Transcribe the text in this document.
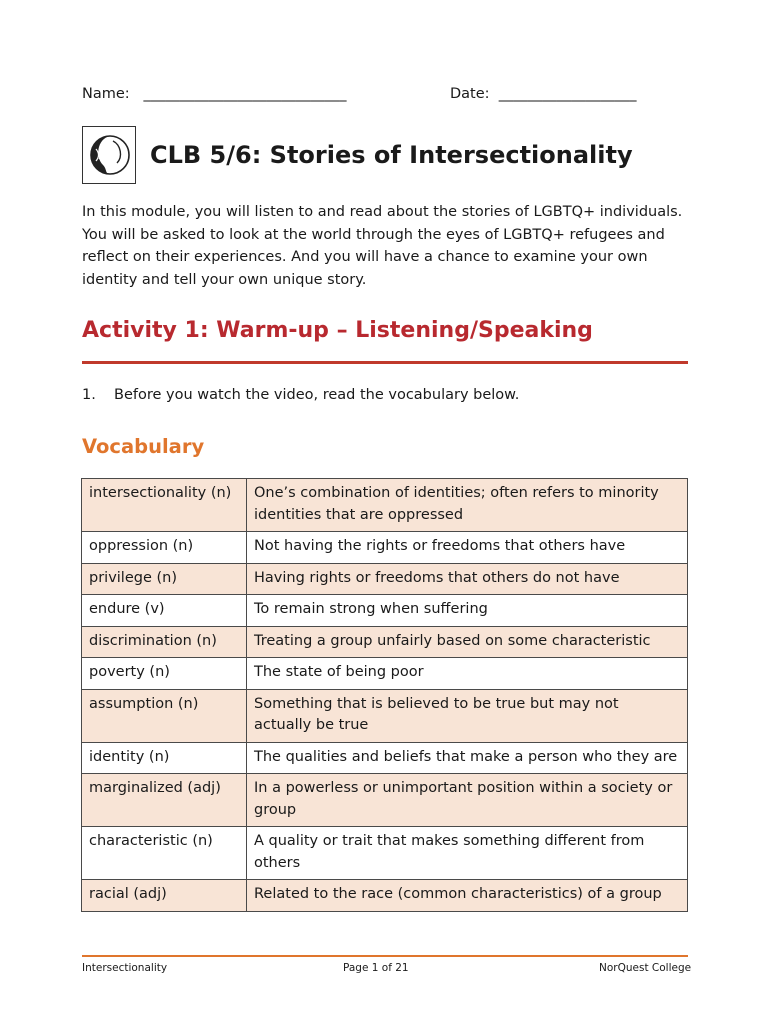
Name: ____________________________	Date: ___________________
CLB 5/6: Stories of Intersectionality
In this module, you will listen to and read about the stories of LGBTQ+ individuals. You will be asked to look at the world through the eyes of LGBTQ+ refugees and reflect on their experiences. And you will have a chance to examine your own identity and tell your own unique story.
Activity 1: Warm-up – Listening/Speaking
1. Before you watch the video, read the vocabulary below.
Vocabulary
intersectionality (n)	One’s combination of identities; often refers to minority identities that are oppressed
oppression (n)	Not having the rights or freedoms that others have
privilege (n)	Having rights or freedoms that others do not have
endure (v)	To remain strong when suffering
discrimination (n)	Treating a group unfairly based on some characteristic
poverty (n)	The state of being poor
assumption (n)	Something that is believed to be true but may not actually be true
identity (n)	The qualities and beliefs that make a person who they are
marginalized (adj)	In a powerless or unimportant position within a society or group
characteristic (n)	A quality or trait that makes something different from others
racial (adj)	Related to the race (common characteristics) of a group
Intersectionality	Page 1 of 21	NorQuest College
